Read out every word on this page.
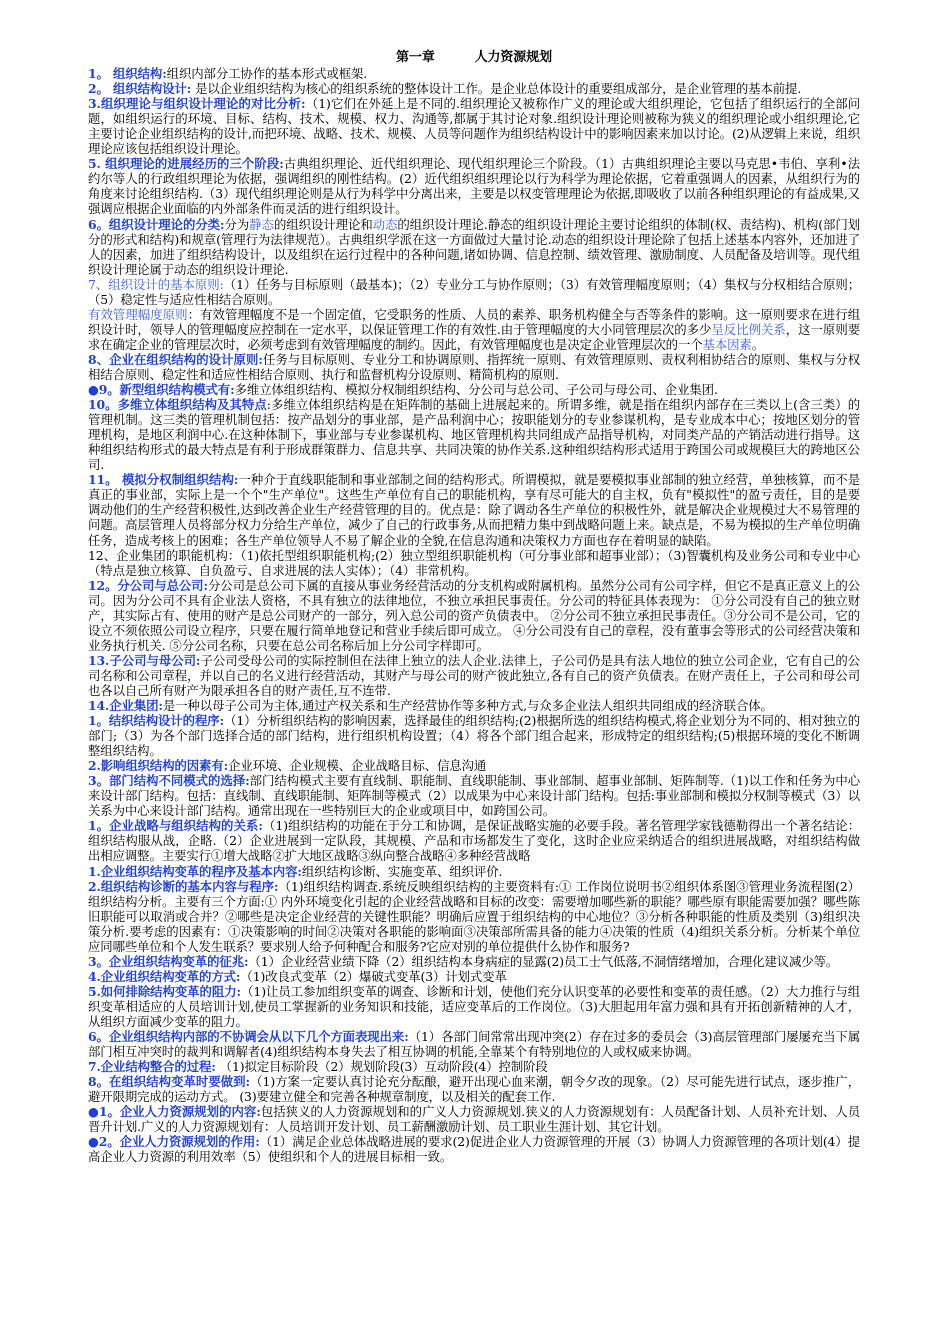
第一章         人力资源规划
1。 组织结构:组织内部分工协作的基本形式或框架.
2。 组织结构设计: 是以企业组织结构为核心的组织系统的整体设计工作。是企业总体设计的重要组成部分，是企业管理的基本前提.
3.组织理论与组织设计理论的对比分析:（1)它们在外延上是不同的.组织理论又被称作广义的理论或大组织理论，它包括了组织运行的全部问题，如组织运行的环境、目标、结构、技术、规模、权力、沟通等,都属于其讨论对象.组织设计理论则被称为狭义的组织理论或小组织理论,它主要讨论企业组织结构的设计,而把环境、战略、技术、规模、人员等问题作为组织结构设计中的影响因素来加以讨论。(2)从逻辑上来说，组织理论应该包括组织设计理论。
5. 组织理论的进展经历的三个阶段:古典组织理论、近代组织理论、现代组织理论三个阶段。（1）古典组织理论主要以马克思•韦伯、享利•法约尔等人的行政组织理论为依据，强调组织的刚性结构。(2）近代组织组织理论以行为科学为理论依据，它着重强调人的因素，从组织行为的角度来讨论组织结构.（3）现代组织理论则是从行为科学中分离出来，主要是以权变管理理论为依据,即吸收了以前各种组织理论的有益成果,又强调应根据企业面临的内外部条件而灵活的进行组织设计。
6。组织设计理论的分类:分为静态的组织设计理论和动态的组织设计理论.静态的组织设计理论主要讨论组织的体制(权、责结构)、机构(部门划分的形式和结构)和规章(管理行为法律规范）。古典组织学派在这一方面做过大量讨论.动态的组织设计理论除了包括上述基本内容外，还加进了人的因素，加进了组织结构设计，以及组织在运行过程中的各种问题,诸如协调、信息控制、绩效管理、激励制度、人员配备及培训等。现代组织设计理论属于动态的组织设计理论.
7、组织设计的基本原则:（1）任务与目标原则（最基本)；（2）专业分工与协作原则；（3）有效管理幅度原则；（4）集权与分权相结合原则；（5）稳定性与适应性相结合原则。
有效管理幅度原则：有效管理幅度不是一个固定值，它受职务的性质、人员的素养、职务机构健全与否等条件的影响。这一原则要求在进行组织设计时，领导人的管理幅度应控制在一定水平，以保证管理工作的有效性.由于管理幅度的大小同管理层次的多少呈反比例关系，这一原则要求在确定企业的管理层次时，必须考虑到有效管理幅度的制约。因此，有效管理幅度也是决定企业管理层次的一个基本因素。
8、企业在组织结构的设计原则:任务与目标原则、专业分工和协调原则、指挥统一原则、有效管理原则、责权利相协结合的原则、集权与分权相结合原则、稳定性和适应性相结合原则、执行和监督机构分设原则、精简机构的原则.
●9。新型组织结构模式有:多维立体组织结构、模拟分权制组织结构、分公司与总公司、子公司与母公司、企业集团.
10。多维立体组织结构及其特点:多维立体组织结构是在矩阵制的基础上进展起来的。所谓多维，就是指在组织内部存在三类以上(含三类）的管理机制。这三类的管理机制包括：按产品划分的事业部，是产品利润中心；按职能划分的专业参谋机构，是专业成本中心；按地区划分的管理机构，是地区利润中心.在这种体制下，事业部与专业参谋机构、地区管理机构共同组成产品指导机构，对同类产品的产销活动进行指导。这种组织结构形式的最大特点是有利于形成群策群力、信息共享、共同决策的协作关系.这种组织结构形式适用于跨国公司或规模巨大的跨地区公司.
11。 模拟分权制组织结构:一种介于直线职能制和事业部制之间的结构形式。所谓模拟，就是要模拟事业部制的独立经营，单独核算，而不是真正的事业部，实际上是一个个"生产单位"。这些生产单位有自己的职能机构，享有尽可能大的自主权，负有"模拟性"的盈亏责任，目的是要调动他们的生产经营积极性,达到改善企业生产经营管理的目的。优点是：除了调动各生产单位的积极性外，就是解决企业规模过大不易管理的问题。高层管理人员将部分权力分给生产单位，减少了自己的行政事务,从而把精力集中到战略问题上来。缺点是，不易为模拟的生产单位明确任务，造成考核上的困难；各生产单位领导人不易了解企业的全貌,在信息沟通和决策权力方面也存在着明显的缺陷。
12、企业集团的职能机构：（1)依托型组织职能机构;(2）独立型组织职能机构（可分事业部和超事业部）；（3)智囊机构及业务公司和专业中心（特点是独立核算、自负盈亏、自求进展的法人实体）；（4）非常机构。
12。分公司与总公司:分公司是总公司下属的直接从事业务经营活动的分支机构或附属机构。虽然分公司有公司字样，但它不是真正意义上的公司。因为分公司不具有企业法人资格，不具有独立的法律地位，不独立承担民事责任。分公司的特征具体表现为： ①分公司没有自己的独立财产，其实际占有、使用的财产是总公司财产的一部分，列入总公司的资产负债表中。 ②分公司不独立承担民事责任。③分公司不是公司，它的设立不须依照公司设立程序，只要在履行简单地登记和营业手续后即可成立。 ④分公司没有自己的章程，没有董事会等形式的公司经营决策和业务执行机关. ⑤分公司名称，只要在总公司名称后加上分公司字样即可。
13.子公司与母公司:子公司受母公司的实际控制但在法律上独立的法人企业.法律上，子公司仍是具有法人地位的独立公司企业，它有自己的公司名称和公司章程，并以自己的名义进行经营活动，其财产与母公司的财产彼此独立,各有自己的资产负债表。在财产责任上，子公司和母公司也各以自己所有财产为限承担各自的财产责任,互不连带.
14.企业集团:是一种以母子公司为主体,通过产权关系和生产经营协作等多种方式,与众多企业法人组织共同组成的经济联合体。
1。结织结构设计的程序:（1）分析组织结构的影响因素，选择最佳的组织结构;(2)根据所选的组织结构模式,将企业划分为不同的、相对独立的部门;（3）为各个部门选择合适的部门结构，进行组织机构设置；（4）将各个部门组合起来，形成特定的组织结构;(5)根据环境的变化不断调整组织结构。
2.影响组织结构的因素有:企业环境、企业规模、企业战略目标、信息沟通
3。部门结构不同模式的选择:部门结构模式主要有直线制、职能制、直线职能制、事业部制、超事业部制、矩阵制等.（1)以工作和任务为中心来设计部门结构。包括：直线制、直线职能制、矩阵制等模式（2）以成果为中心来设计部门结构。包括:事业部制和模拟分权制等模式（3）以关系为中心来设计部门结构。通常出现在一些特别巨大的企业或项目中，如跨国公司。
1。企业战略与组织结构的关系:（1)组织结构的功能在于分工和协调，是保证战略实施的必要手段。著名管理学家钱德勒得出一个著名结论：组织结构服从战，企略.（2）企业进展到一定队段，其规模、产品和市场都发生了变化，这时企业应采纳适合的组织进展战略，对组织结构做出相应调整。主要实行①增大战略②扩大地区战略③纵向整合战略④多种经营战略
1.企业组织结构变革的程序及基本内容:组织结构诊断、实施变革、组织评价.
2.组织结构诊断的基本内容与程序:（1)组织结构调查.系统反映组织结构的主要资料有:① 工作岗位说明书②组织体系图③管理业务流程图(2）组织结构分析。主要有三个方面:① 内外环境变化引起的企业经营战略和目标的改变：需要增加哪些新的职能？哪些原有职能需要加强？哪些陈旧职能可以取消或合并？②哪些是决定企业经营的关键性职能？明确后应置于组织结构的中心地位？③分析各种职能的性质及类别（3)组织决策分析.要考虑的因素有：①决策影响的时间②决策对各职能的影响面③决策部所需具备的能力④决策的性质（4)组织关系分析。分析某个单位应同哪些单位和个人发生联系？要求别人给予何种配合和服务?它应对别的单位提供什么协作和服务?
3。企业组织结构变革的征兆:（1）企业经营业绩下降（2）组织结构本身病症的显露(2)员工士气低落,不洞情绪增加，合理化建议减少等。
4.企业组织结构变革的方式:（1)改良式变革（2）爆破式变革(3）计划式变革
5.如何排除结构变革的阻力:（1)让员工参加组织变革的调查、诊断和计划，使他们充分认识变革的必要性和变革的责任感。（2）大力推行与组织变革相适应的人员培训计划,使员工掌握新的业务知识和技能，适应变革后的工作岗位。（3)大胆起用年富力强和具有开拓创新精神的人才，从组织方面减少变革的阻力。
6。企业组织结构内部的不协调会从以下几个方面表现出来:（1）各部门间常常出现冲突(2）存在过多的委员会（3)高层管理部门屡屡充当下属部门相互冲突时的裁判和调解者(4)组织结构本身失去了相互协调的机能,全靠某个有特别地位的人或权威来协调。
7.企业结构整合的过程: （1)拟定目标阶段（2）规划阶段(3）互动阶段(4）控制阶段
8。在组织结构变革时要做到:（1)方案一定要认真讨论充分酝酿，避开出现心血来潮，朝令夕改的现象。（2）尽可能先进行试点，逐步推广，避开限期完成的运动方式。 (3)要建立健全和完善各种规章制度，以及相关的配套工作.
●1。企业人力资源规划的内容:包括狭义的人力资源规划和的广义人力资源规划.狭义的人力资源规划有：人员配备计划、人员补充计划、人员晋升计划.广义的人力资源规划有：人员培训开发计划、员工薪酬激励计划、员工职业生涯计划、其它计划。
●2。企业人力资源规划的作用:（1）满足企业总体战略进展的要求(2)促进企业人力资源管理的开展（3）协调人力资源管理的各项计划(4）提高企业人力资源的利用效率（5）使组织和个人的进展目标相一致。
